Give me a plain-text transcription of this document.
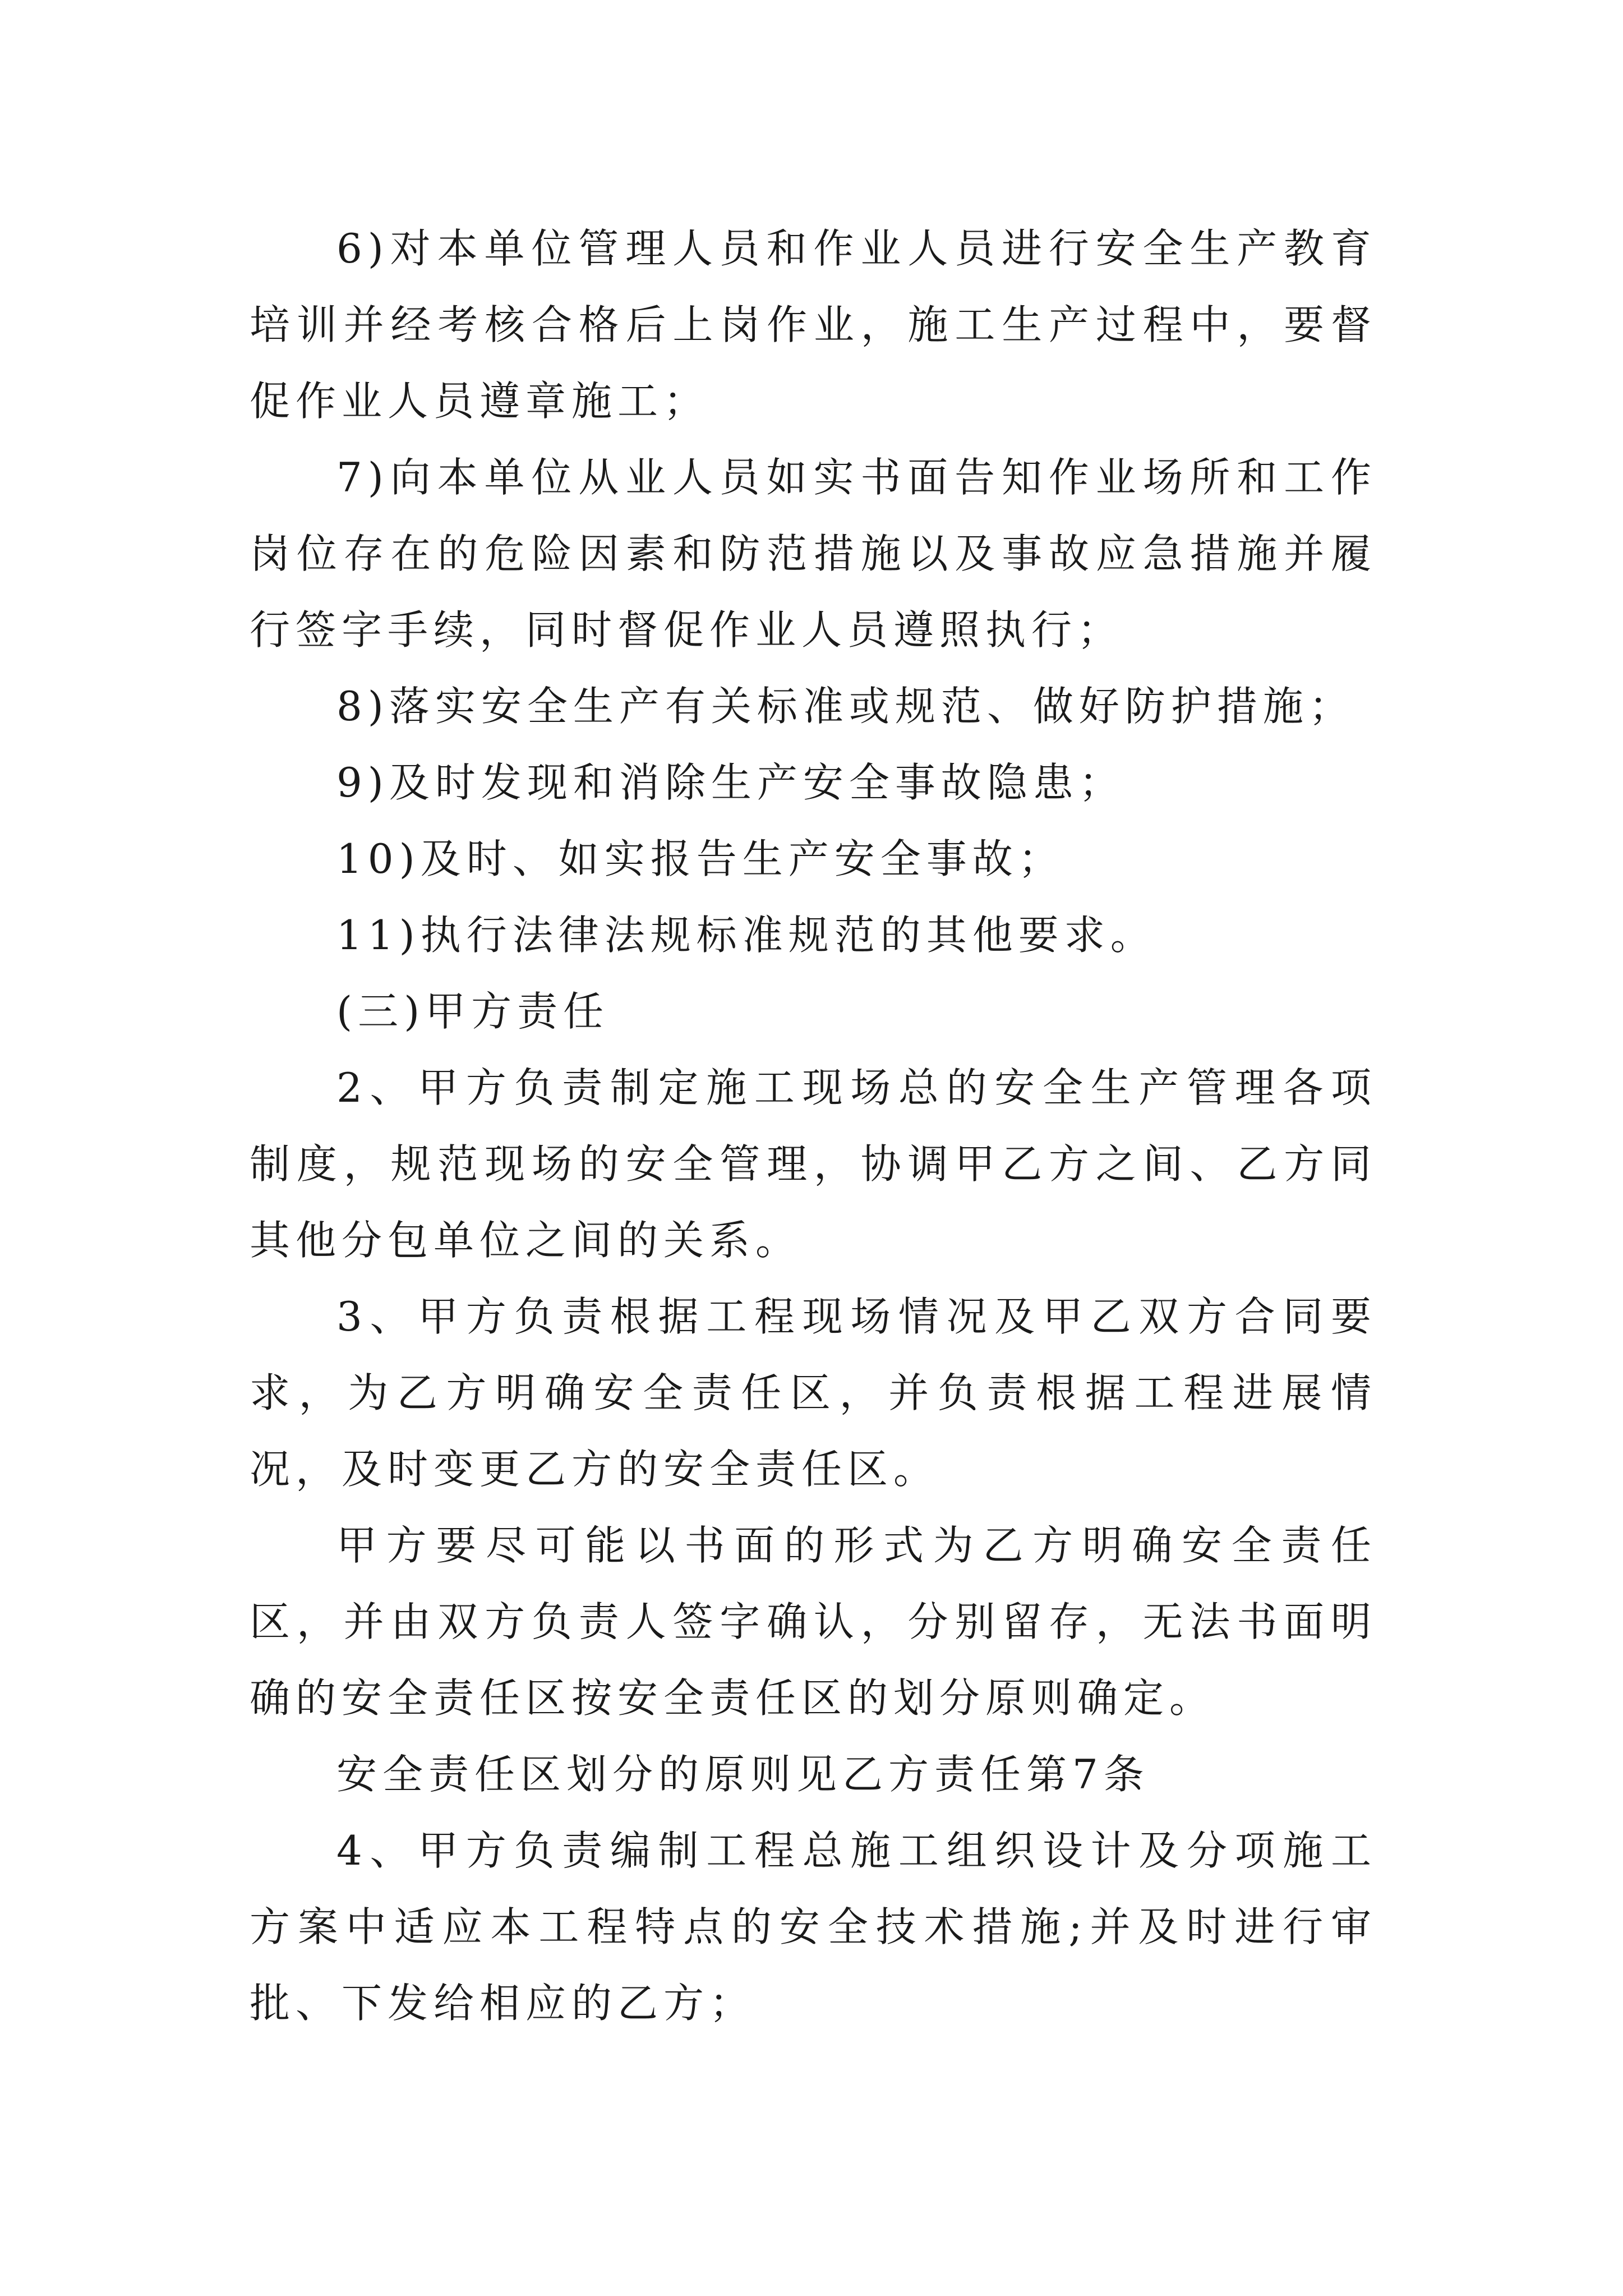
6)对本单位管理人员和作业人员进行安全生产教育培训并经考核合格后上岗作业，施工生产过程中，要督促作业人员遵章施工；

7)向本单位从业人员如实书面告知作业场所和工作岗位存在的危险因素和防范措施以及事故应急措施并履行签字手续，同时督促作业人员遵照执行；

8)落实安全生产有关标准或规范、做好防护措施；

9)及时发现和消除生产安全事故隐患；

10)及时、如实报告生产安全事故；

11)执行法律法规标准规范的其他要求。

(三)甲方责任

2、甲方负责制定施工现场总的安全生产管理各项制度，规范现场的安全管理，协调甲乙方之间、乙方同其他分包单位之间的关系。

3、甲方负责根据工程现场情况及甲乙双方合同要求，为乙方明确安全责任区，并负责根据工程进展情况，及时变更乙方的安全责任区。

甲方要尽可能以书面的形式为乙方明确安全责任区，并由双方负责人签字确认，分别留存，无法书面明确的安全责任区按安全责任区的划分原则确定。

安全责任区划分的原则见乙方责任第7条

4、甲方负责编制工程总施工组织设计及分项施工方案中适应本工程特点的安全技术措施;并及时进行审批、下发给相应的乙方；
